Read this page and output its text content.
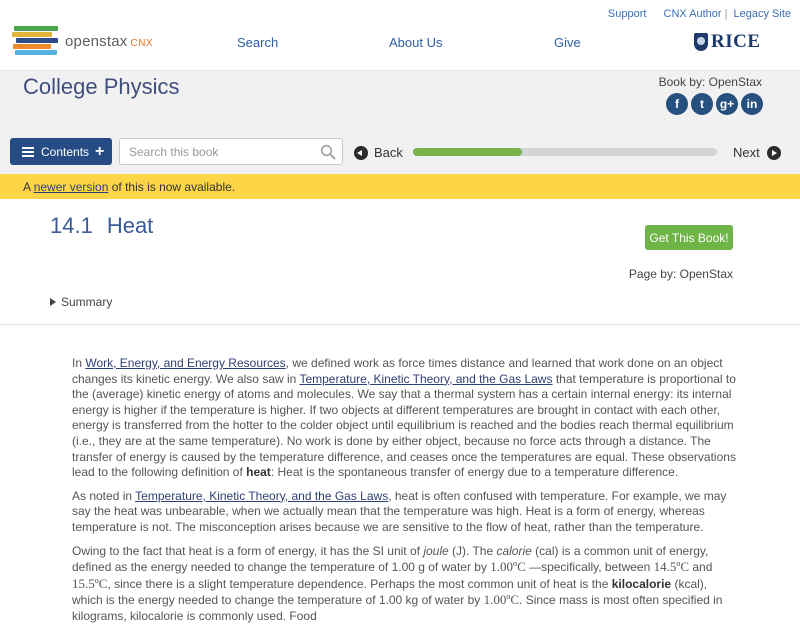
openstax CNX
Support CNX Author | Legacy Site
Search	About Us	Give	RICE
College Physics	Book by: OpenStax
f	t	g+	in
Contents +
Search this book	Back	Next
A newer version of this is now available.
14.1 Heat	Get This Book!
Page by: OpenStax
Summary

In Work, Energy, and Energy Resources, we defined work as force times distance and learned that work done on an object changes its kinetic energy. We also saw in Temperature, Kinetic Theory, and the Gas Laws that temperature is proportional to the (average) kinetic energy of atoms and molecules. We say that a thermal system has a certain internal energy: its internal energy is higher if the temperature is higher. If two objects at different temperatures are brought in contact with each other, energy is transferred from the hotter to the colder object until equilibrium is reached and the bodies reach thermal equilibrium (i.e., they are at the same temperature). No work is done by either object, because no force acts through a distance. The transfer of energy is caused by the temperature difference, and ceases once the temperatures are equal. These observations lead to the following definition of heat: Heat is the spontaneous transfer of energy due to a temperature difference.

As noted in Temperature, Kinetic Theory, and the Gas Laws, heat is often confused with temperature. For example, we may say the heat was unbearable, when we actually mean that the temperature was high. Heat is a form of energy, whereas temperature is not. The misconception arises because we are sensitive to the flow of heat, rather than the temperature.

Owing to the fact that heat is a form of energy, it has the SI unit of joule (J). The calorie (cal) is a common unit of energy, defined as the energy needed to change the temperature of 1.00 g of water by 1.00ºC —specifically, between 14.5ºC and 15.5ºC, since there is a slight temperature dependence. Perhaps the most common unit of heat is the kilocalorie (kcal), which is the energy needed to change the temperature of 1.00 kg of water by 1.00ºC. Since mass is most often specified in kilograms, kilocalorie is commonly used. Food
